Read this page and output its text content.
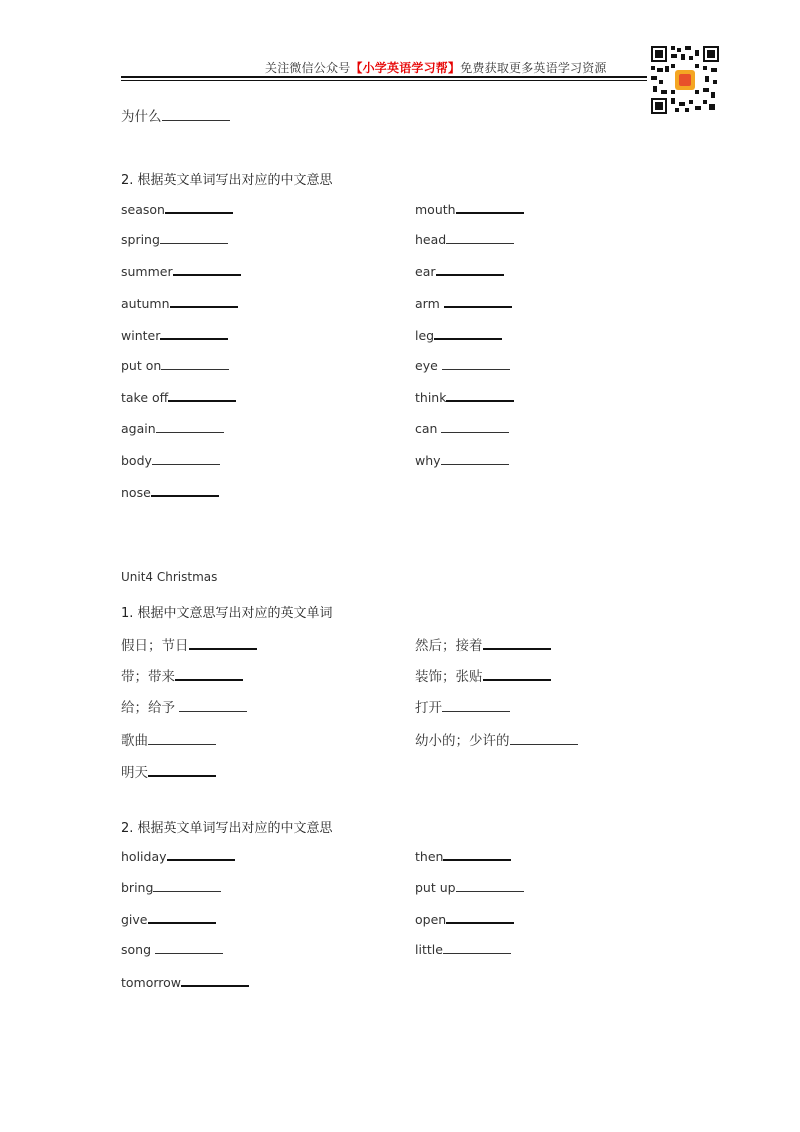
关注微信公众号【小学英语学习帮】免费获取更多英语学习资源
为什么
2. 根据英文单词写出对应的中文意思
season
spring
summer
autumn
winter
put on
take off
again
body
nose
mouth
head
ear
arm
leg
eye
think
can
why
Unit4 Christmas
1. 根据中文意思写出对应的英文单词
假日；节日
带；带来
给；给予
歌曲
明天
然后；接着
装饰；张贴
打开
幼小的；少许的
2. 根据英文单词写出对应的中文意思
holiday
bring
give
song
tomorrow
then
put up
open
little
